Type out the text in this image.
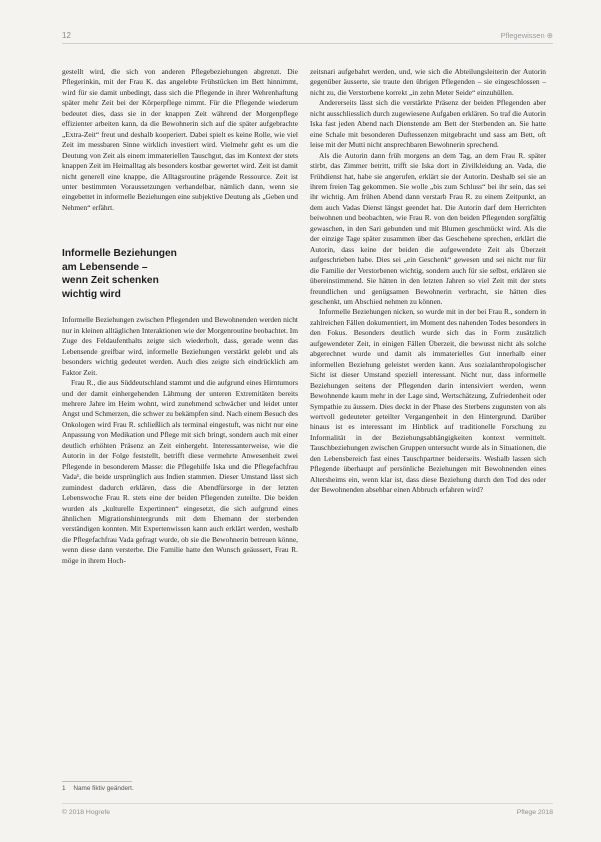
12	Pflegewissen ⊕

gestellt wird, die sich von anderen Pflegebeziehungen abgrenzt. Die Pflegerinkin, mit der Frau K. das angelebte Frühstücken im Bett hinnimmt, wird für sie damit unbedingt, dass sich die Pflegende in ihrer Wehrenhaftung später mehr Zeit bei der Körperpflege nimmt. Für die Pflegende wiederum bedeutet dies, dass sie in der knappen Zeit während der Morgenpflege effizienter arbeiten kann, da die Bewohnerin sich auf die später aufgebrachte „Extra-Zeit“ freut und deshalb kooperiert. Dabei spielt es keine Rolle, wie viel Zeit im messbaren Sinne wirklich investiert wird. Vielmehr geht es um die Deutung von Zeit als einem immateriellen Tauschgut, das im Kontext der stets knappen Zeit im Heimalltag als besonders kostbar gewertet wird. Zeit ist damit nicht generell eine knappe, die Alltagsroutine prägende Ressource. Zeit ist unter bestimmten Voraussetzungen verhandelbar, nämlich dann, wenn sie eingebettet in informelle Beziehungen eine subjektive Deutung als „Geben und Nehmen“ erfährt.

Informelle Beziehungen
am Lebensende –
wenn Zeit schenken
wichtig wird

Informelle Beziehungen zwischen Pflegenden und Bewohnenden werden nicht nur in kleinen alltäglichen Interaktionen wie der Morgenroutine beobachtet. Im Zuge des Feldaufenthalts zeigte sich wiederholt, dass, gerade wenn das Lebensende greifbar wird, informelle Beziehungen verstärkt gelebt und als besonders wichtig gedeutet werden. Auch dies zeigte sich eindrücklich am Faktor Zeit.

Frau R., die aus Süddeutschland stammt und die aufgrund eines Hirntumors und der damit einhergehenden Lähmung der unteren Extremitäten bereits mehrere Jahre im Heim wohnt, wird zunehmend schwächer und leidet unter Angst und Schmerzen, die schwer zu bekämpfen sind. Nach einem Besuch des Onkologen wird Frau R. schließlich als terminal eingestuft, was nicht nur eine Anpassung von Medikation und Pflege mit sich bringt, sondern auch mit einer deutlich erhöhten Präsenz an Zeit einhergeht. Interessanterweise, wie die Autorin in der Folge feststellt, betrifft diese vermehrte Anwesenheit zwei Pflegende in besonderem Masse: die Pflegehilfe Iska und die Pflegefachfrau Vada¹, die beide ursprünglich aus Indien stammen. Dieser Umstand lässt sich zumindest dadurch erklären, dass die Abendfürsorge in der letzten Lebenswoche Frau R. stets eine der beiden Pflegenden zuteilte. Die beiden wurden als „kulturelle Expertinnen“ eingesetzt, die sich aufgrund eines ähnlichen Migrationshintergrunds mit dem Ehemann der sterbenden verständigen konnten. Mit Expertenwissen kann auch erklärt werden, weshalb die Pflegefachfrau Vada gefragt wurde, ob sie die Bewohnerin betreuen könne, wenn diese dann versterbe. Die Familie hatte den Wunsch geäussert, Frau R. möge in ihrem Hoch-

zeitsnari aufgebahrt werden, und, wie sich die Abteilungsleiterin der Autorin gegenüber äusserte, sie traute den übrigen Pflegenden – sie eingeschlossen – nicht zu, die Verstorbene korrekt „in zehn Meter Seide“ einzuhüllen.

Andererseits lässt sich die verstärkte Präsenz der beiden Pflegenden aber nicht ausschliesslich durch zugewiesene Aufgaben erklären. So traf die Autorin Iska fast jeden Abend nach Dienstende am Bett der Sterbenden an. Sie hatte eine Schale mit besonderen Duftessenzen mitgebracht und sass am Bett, oft leise mit der Mutti nicht ansprechbaren Bewohnerin sprechend.

Als die Autorin dann früh morgens an dem Tag, an dem Frau R. später stirbt, das Zimmer betritt, trifft sie Iska dort in Zivilkleidung an. Vada, die Frühdienst hat, habe sie angerufen, erklärt sie der Autorin. Deshalb sei sie an ihrem freien Tag gekommen. Sie wolle „bis zum Schluss“ bei ihr sein, das sei ihr wichtig. Am frühen Abend dann verstarb Frau R. zu einem Zeitpunkt, an dem auch Vadas Dienst längst geendet hat. Die Autorin darf dem Herrichten beiwohnen und beobachten, wie Frau R. von den beiden Pflegenden sorgfältig gewaschen, in den Sari gebunden und mit Blumen geschmückt wird. Als die der einzige Tage später zusammen über das Geschehene sprechen, erklärt die Autorin, dass keine der beiden die aufgewendete Zeit als Überzeit aufgeschrieben habe. Dies sei „ein Geschenk“ gewesen und sei nicht nur für die Familie der Verstorbenen wichtig, sondern auch für sie selbst, erklären sie übereinstimmend. Sie hätten in den letzten Jahren so viel Zeit mit der stets freundlichen und genügsamen Bewohnerin verbracht, sie hätten dies geschenkt, um Abschied nehmen zu können.

Informelle Beziehungen nicken, so wurde mit in der bei Frau R., sondern in zahlreichen Fällen dokumentiert, im Moment des nahenden Todes besonders in den Fokus. Besonders deutlich wurde sich das in Form zusätzlich aufgewendeter Zeit, in einigen Fällen Überzeit, die bewusst nicht als solche abgerechnet wurde und damit als immaterielles Gut innerhalb einer informellen Beziehung geleistet werden kann. Aus sozialanthropologischer Sicht ist dieser Umstand speziell interessant. Nicht nur, dass informelle Beziehungen seitens der Pflegenden darin intensiviert werden, wenn Bewohnende kaum mehr in der Lage sind, Wertschätzung, Zufriedenheit oder Sympathie zu äussern. Dies deckt in der Phase des Sterbens zugunsten von als wertvoll gedeuteter geteilter Vergangenheit in den Hintergrund. Darüber hinaus ist es interessant im Hinblick auf traditionelle Forschung zu Informalität in der Beziehungsabhängigkeiten kontext vermittelt. Tauschbeziehungen zwischen Gruppen untersucht wurde als in Situationen, die den Lebensbereich fast eines Tauschpartner beiderseits. Weshalb lassen sich Pflegende überhaupt auf persönliche Beziehungen mit Bewohnenden eines Altersheims ein, wenn klar ist, dass diese Beziehung durch den Tod des oder der Bewohnenden absehbar einen Abbruch erfahren wird?

1 Name fiktiv geändert.
© 2018 Hogrefe	Pflege 2018
